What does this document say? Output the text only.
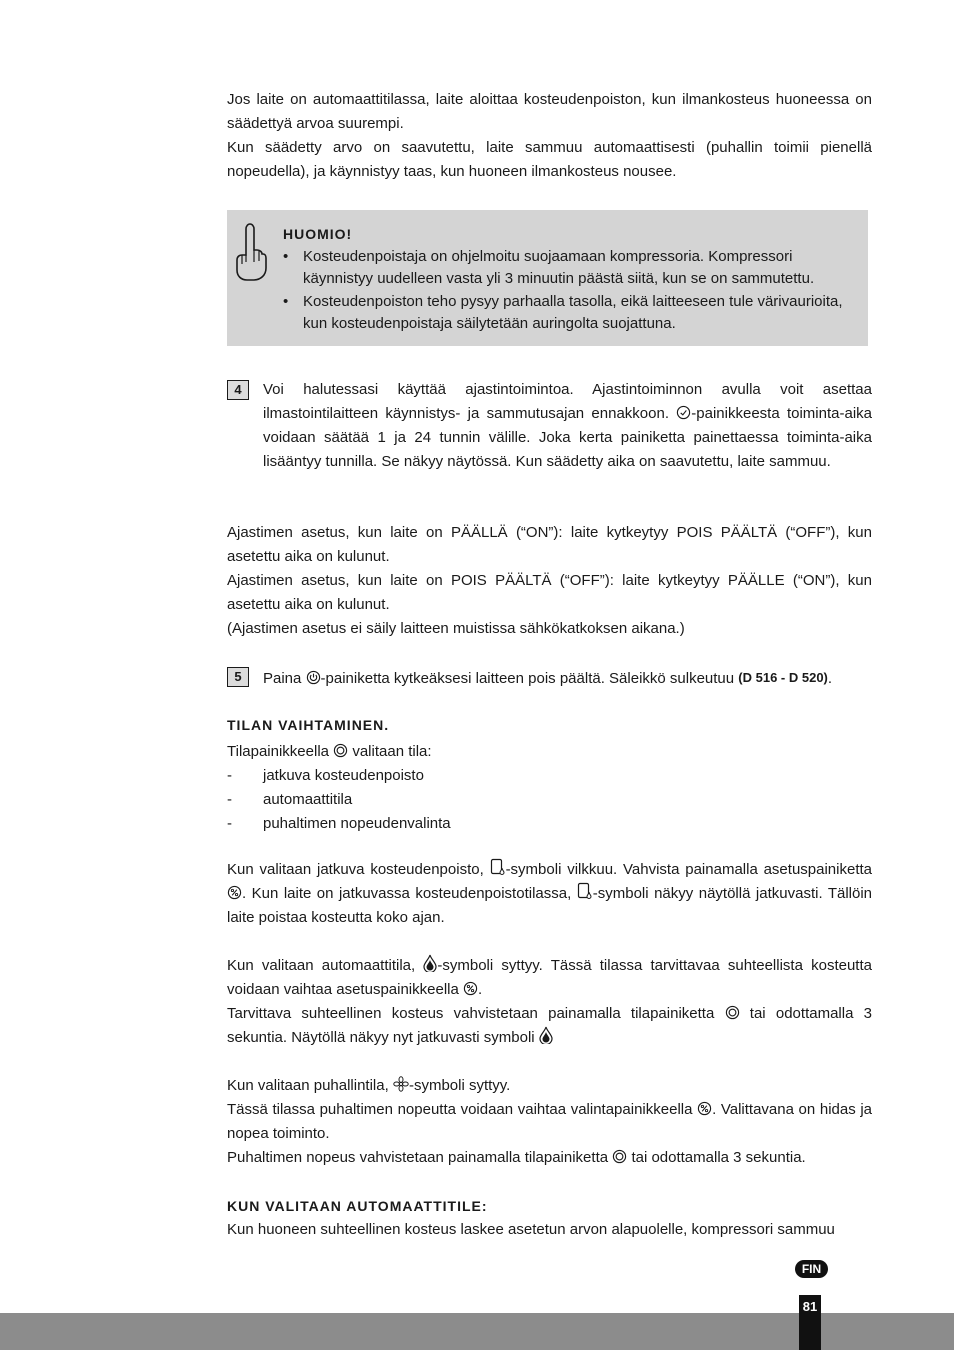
Jos laite on automaattitilassa, laite aloittaa kosteudenpoiston, kun ilmankosteus huoneessa on säädettyä arvoa suurempi.

Kun säädetty arvo on saavutettu, laite sammuu automaattisesti (puhallin toimii pienellä nopeudella), ja käynnistyy taas, kun huoneen ilmankosteus nousee.

HUOMIO!
• Kosteudenpoistaja on ohjelmoitu suojaamaan kompressoria. Kompressori käynnistyy uudelleen vasta yli 3 minuutin päästä siitä, kun se on sammutettu.
• Kosteudenpoiston teho pysyy parhaalla tasolla, eikä laitteeseen tule värivaurioita, kun kosteudenpoistaja säilytetään auringolta suojattuna.
4	Voi halutessasi käyttää ajastintoimintoa. Ajastintoiminnon avulla voit asettaa ilmastointilaitteen käynnistys- ja sammutusajan ennakkoon. -painikkeesta toiminta-aika voidaan säätää 1 ja 24 tunnin välille. Joka kerta painiketta painettaessa toiminta-aika lisääntyy tunnilla. Se näkyy näytössä. Kun säädetty aika on saavutettu, laite sammuu.

Ajastimen asetus, kun laite on PÄÄLLÄ (“ON”): laite kytkeytyy POIS PÄÄLTÄ (“OFF”), kun asetettu aika on kulunut.

Ajastimen asetus, kun laite on POIS PÄÄLTÄ (“OFF”): laite kytkeytyy PÄÄLLE (“ON”), kun asetettu aika on kulunut.

(Ajastimen asetus ei säily laitteen muistissa sähkökatkoksen aikana.)

5	Paina -painiketta kytkeäksesi laitteen pois päältä. Säleikkö sulkeutuu (D 516 - D 520).
TILAN VAIHTAMINEN.

Tilapainikkeella valitaan tila:

- jatkuva kosteudenpoisto
- automaattitila
- puhaltimen nopeudenvalinta

Kun valitaan jatkuva kosteudenpoisto, -symboli vilkkuu. Vahvista painamalla asetuspainiketta . Kun laite on jatkuvassa kosteudenpoistotilassa, -symboli näkyy näytöllä jatkuvasti. Tällöin laite poistaa kosteutta koko ajan.

Kun valitaan automaattitila, -symboli syttyy. Tässä tilassa tarvittavaa suhteellista kosteutta voidaan vaihtaa asetuspainikkeella .

Tarvittava suhteellinen kosteus vahvistetaan painamalla tilapainiketta tai odottamalla 3 sekuntia. Näytöllä näkyy nyt jatkuvasti symboli

Kun valitaan puhallintila, -symboli syttyy.

Tässä tilassa puhaltimen nopeutta voidaan vaihtaa valintapainikkeella . Valittavana on hidas ja nopea toiminto.

Puhaltimen nopeus vahvistetaan painamalla tilapainiketta tai odottamalla 3 sekuntia.

KUN VALITAAN AUTOMAATTITILE:

Kun huoneen suhteellinen kosteus laskee asetetun arvon alapuolelle, kompressori sammuu

FIN
81
